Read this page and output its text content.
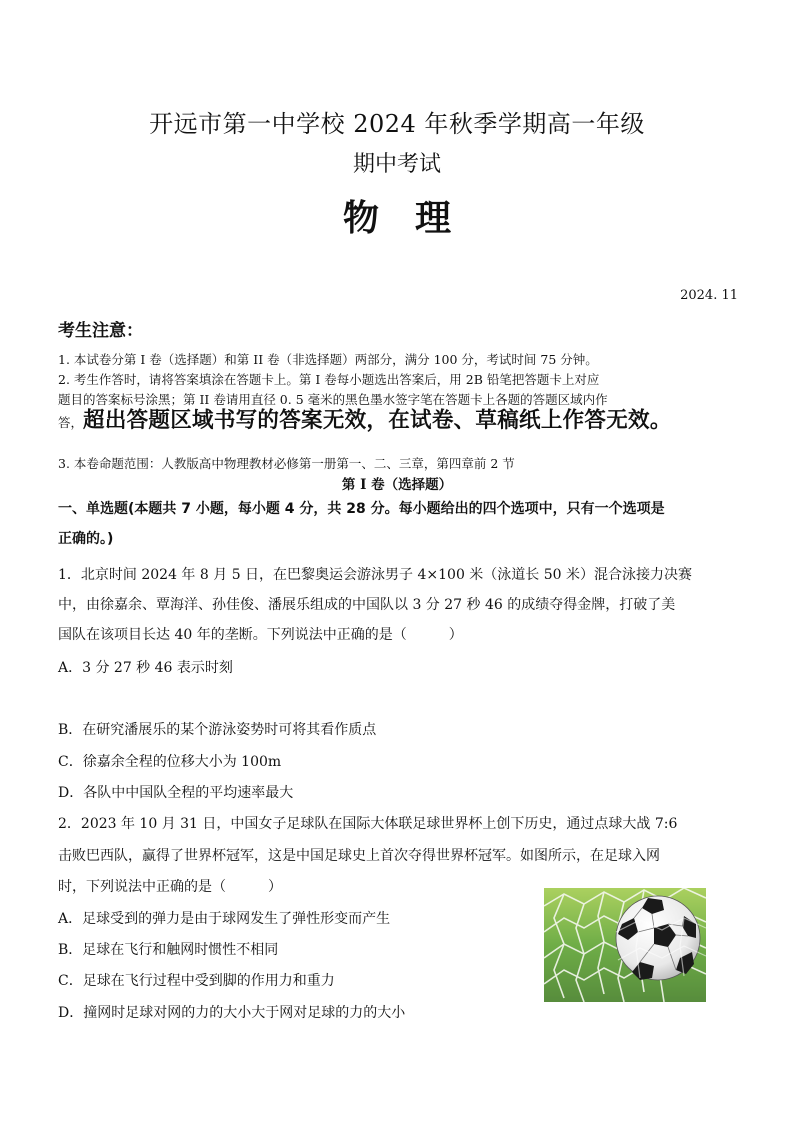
开远市第一中学校 2024 年秋季学期高一年级
期中考试
物　理
2024. 11
考生注意：
1. 本试卷分第 I 卷（选择题）和第 II 卷（非选择题）两部分，满分 100 分，考试时间 75 分钟。
2. 考生作答时，请将答案填涂在答题卡上。第 I 卷每小题选出答案后，用 2B 铅笔把答题卡上对应
题目的答案标号涂黑；第 II 卷请用直径 0. 5 毫米的黑色墨水签字笔在答题卡上各题的答题区域内作
答，超出答题区域书写的答案无效，在试卷、草稿纸上作答无效。
3. 本卷命题范围：人教版高中物理教材必修第一册第一、二、三章，第四章前 2 节
第 I 卷（选择题）
一、单选题(本题共 7 小题，每小题 4 分，共 28 分。每小题给出的四个选项中，只有一个选项是
正确的。)
1．北京时间 2024 年 8 月 5 日，在巴黎奥运会游泳男子 4×100 米（泳道长 50 米）混合泳接力决赛
中，由徐嘉余、覃海洋、孙佳俊、潘展乐组成的中国队以 3 分 27 秒 46 的成绩夺得金牌，打破了美
国队在该项目长达 40 年的垄断。下列说法中正确的是（　　　）
A．3 分 27 秒 46 表示时刻
B．在研究潘展乐的某个游泳姿势时可将其看作质点
C．徐嘉余全程的位移大小为 100m
D．各队中中国队全程的平均速率最大
2．2023 年 10 月 31 日，中国女子足球队在国际大体联足球世界杯上创下历史，通过点球大战 7:6
击败巴西队，赢得了世界杯冠军，这是中国足球史上首次夺得世界杯冠军。如图所示，在足球入网
时，下列说法中正确的是（　　　）
A．足球受到的弹力是由于球网发生了弹性形变而产生
B．足球在飞行和触网时惯性不相同
C．足球在飞行过程中受到脚的作用力和重力
D．撞网时足球对网的力的大小大于网对足球的力的大小
